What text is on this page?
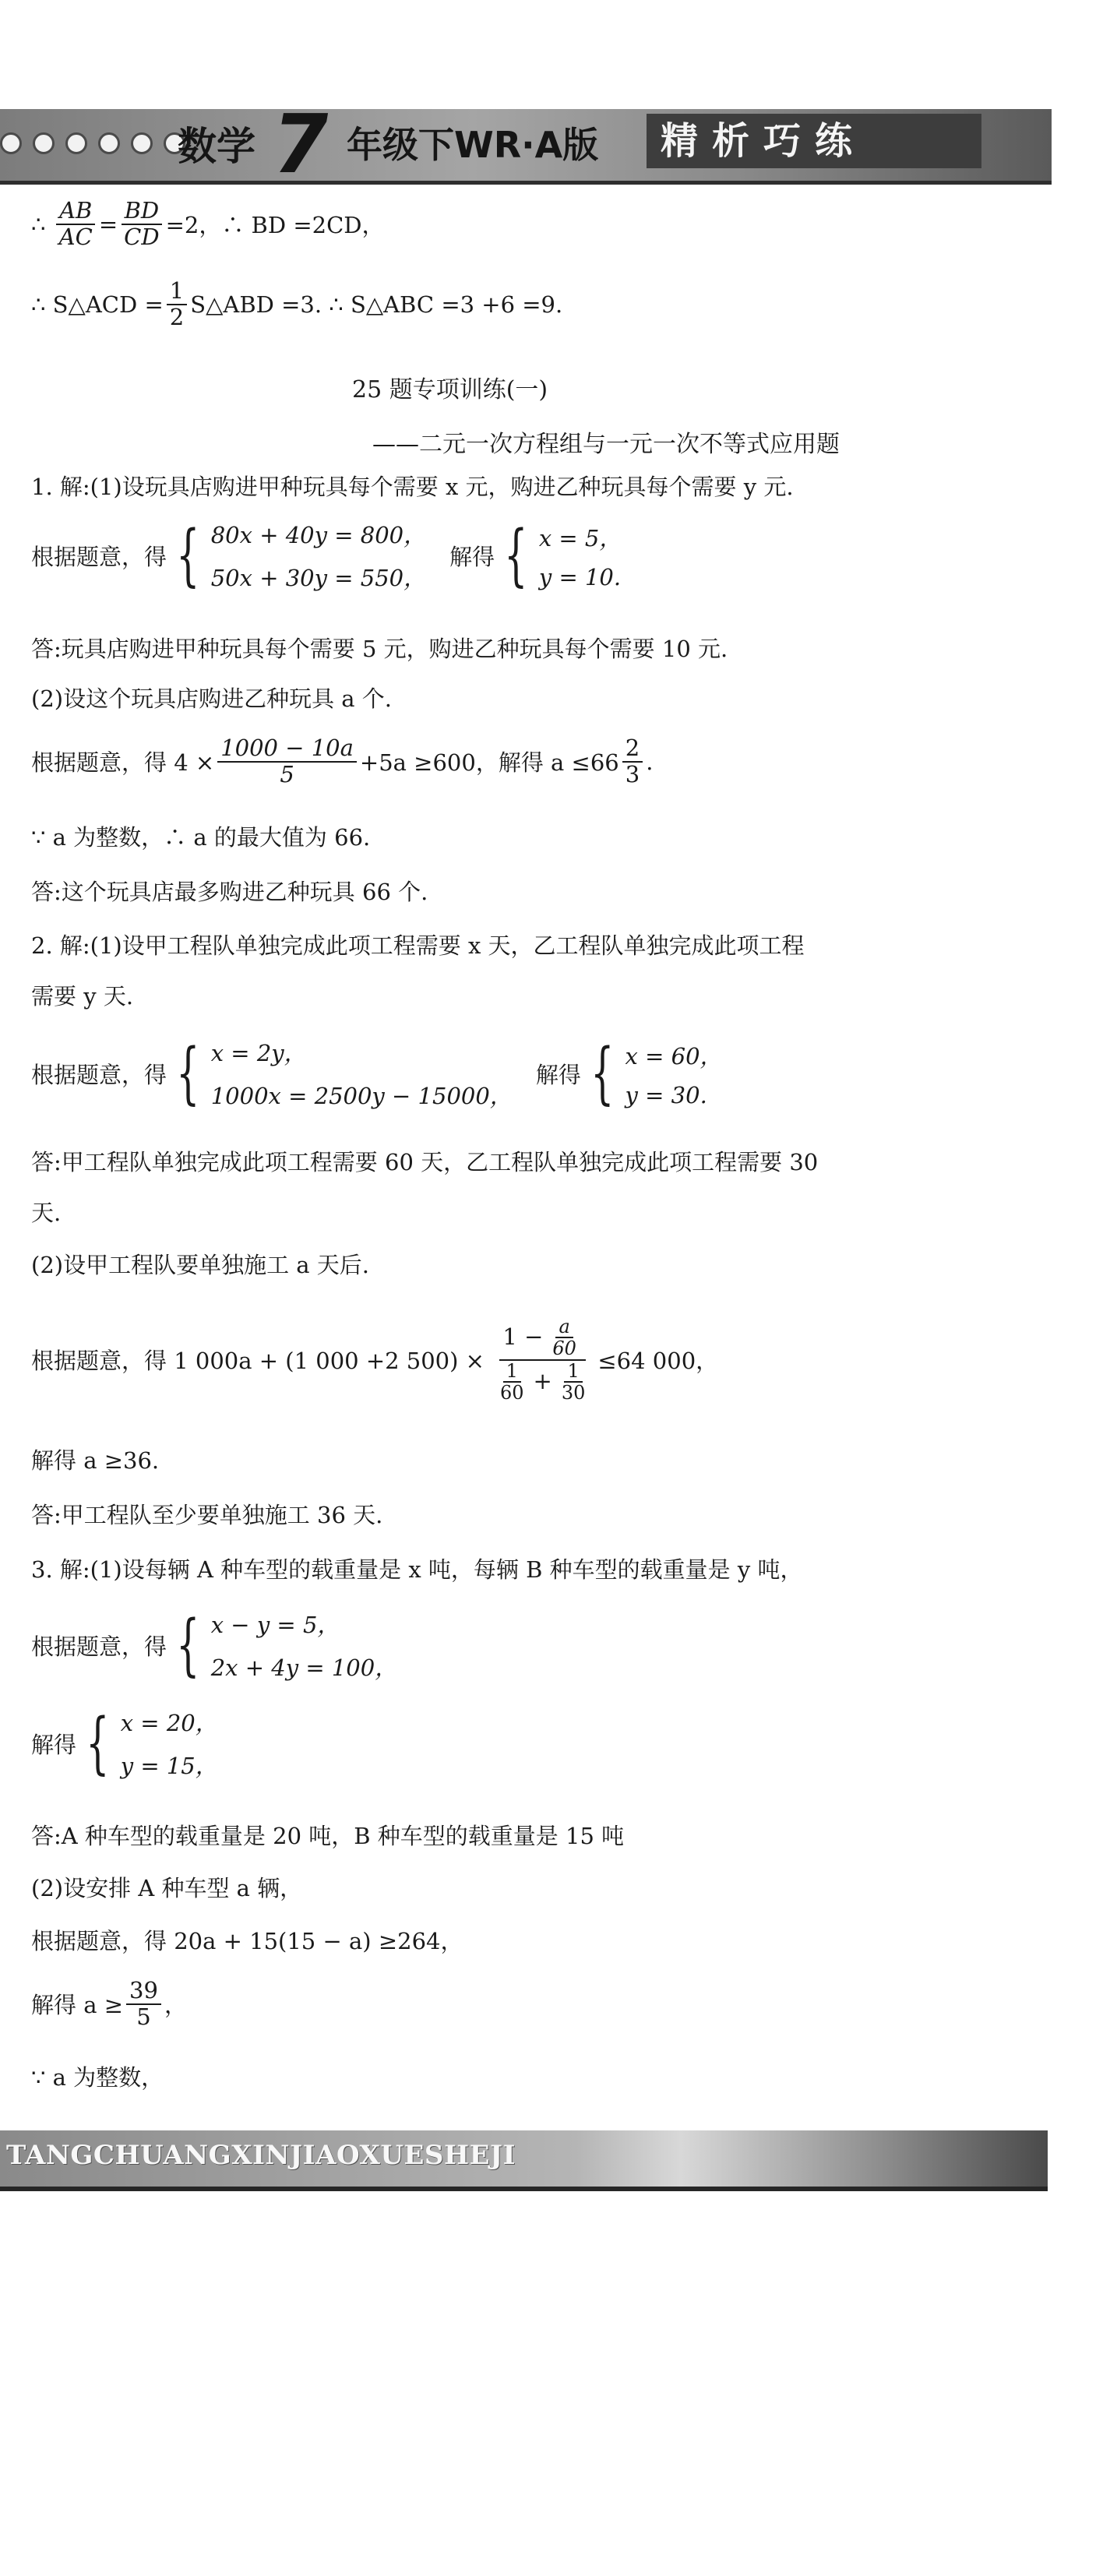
数学 7 年级下WR·A版	精析巧练
∴ $\frac{AB}{AC} = \frac{BD}{CD} =2$，∴ BD =2CD，
∴ S△ACD = $\frac{1}{2}$ S△ABD =3. ∴ S△ABC =3 +6 =9.
25 题专项训练(一)
——二元一次方程组与一元一次不等式应用题
1. 解:(1)设玩具店购进甲种玩具每个需要 x 元，购进乙种玩具每个需要 y 元.
根据题意，得 { 80x + 40y = 800，
50x + 30y = 550，
解得 { x = 5，
y = 10.
答:玩具店购进甲种玩具每个需要 5 元，购进乙种玩具每个需要 10 元.
(2)设这个玩具店购进乙种玩具 a 个.
根据题意，得 $4 \times \frac{1000 - 10a}{5} +5a \ge 600$，解得 $a \le 66 \frac{2}{3}$ .
∵ a 为整数，∴ a 的最大值为 66.
答:这个玩具店最多购进乙种玩具 66 个.
2. 解:(1)设甲工程队单独完成此项工程需要 x 天，乙工程队单独完成此项工程
需要 y 天.
根据题意，得 { x = 2y，
1000x = 2500y − 15000，
解得 { x = 60，
y = 30.
答:甲工程队单独完成此项工程需要 60 天，乙工程队单独完成此项工程需要 30
天.
(2)设甲工程队要单独施工 a 天后.
根据题意，得 1 000a + (1 000 +2 $500) \times \frac{1 - \frac{a}{60}}{\frac{1}{60} + \frac{1}{30}} \le 64$ 000，
解得 a ≥36.
答:甲工程队至少要单独施工 36 天.
3. 解:(1)设每辆 A 种车型的载重量是 x 吨，每辆 B 种车型的载重量是 y 吨，
根据题意，得 { x − y = 5，
2x + 4y = 100，
解得 { x = 20，
y = 15，
答:A 种车型的载重量是 20 吨，B 种车型的载重量是 15 吨
(2)设安排 A 种车型 a 辆，
根据题意，得 20a + 15(15 − a) ≥264，
解得 $a \ge \frac{39}{5}$ ，
∵ a 为整数，
TANGCHUANGXINJIAOXUESHEJI
